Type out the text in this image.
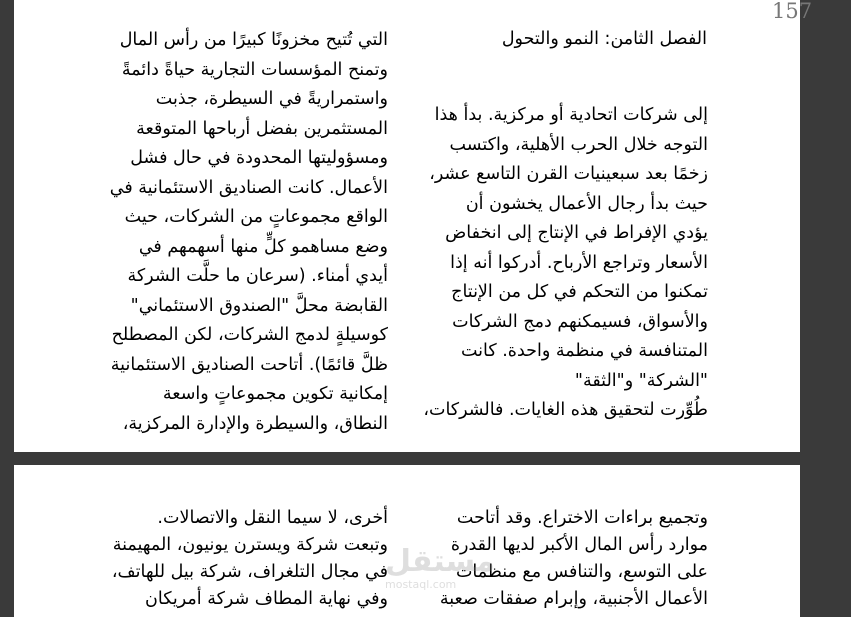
157
الفصل الثامن: النمو والتحول
إلى شركات اتحادية أو مركزية. بدأ هذا
التوجه خلال الحرب الأهلية، واكتسب
زخمًا بعد سبعينيات القرن التاسع عشر،
حيث بدأ رجال الأعمال يخشون أن
يؤدي الإفراط في الإنتاج إلى انخفاض
الأسعار وتراجع الأرباح. أدركوا أنه إذا
تمكنوا من التحكم في كل من الإنتاج
والأسواق، فسيمكنهم دمج الشركات
المتنافسة في منظمة واحدة. كانت
"الشركة" و"الثقة"
طُوِّرت لتحقيق هذه الغايات. فالشركات،
التي تُتيح مخزونًا كبيرًا من رأس المال
وتمنح المؤسسات التجارية حياةً دائمةً
واستمراريةً في السيطرة، جذبت
المستثمرين بفضل أرباحها المتوقعة
ومسؤوليتها المحدودة في حال فشل
الأعمال. كانت الصناديق الاستئمانية في
الواقع مجموعاتٍ من الشركات، حيث
وضع مساهمو كلٍّ منها أسهمهم في
أيدي أمناء. (سرعان ما حلَّت الشركة
القابضة محلَّ "الصندوق الاستئماني"
كوسيلةٍ لدمج الشركات، لكن المصطلح
ظلَّ قائمًا). أتاحت الصناديق الاستئمانية
إمكانية تكوين مجموعاتٍ واسعة
النطاق، والسيطرة والإدارة المركزية،
وتجميع براءات الاختراع. وقد أتاحت
موارد رأس المال الأكبر لديها القدرة
على التوسع، والتنافس مع منظمات
الأعمال الأجنبية، وإبرام صفقات صعبة
أخرى، لا سيما النقل والاتصالات.
وتبعت شركة ويسترن يونيون، المهيمنة
في مجال التلغراف، شركة بيل للهاتف،
وفي نهاية المطاف شركة أمريكان
مستقل
mostaql.com
